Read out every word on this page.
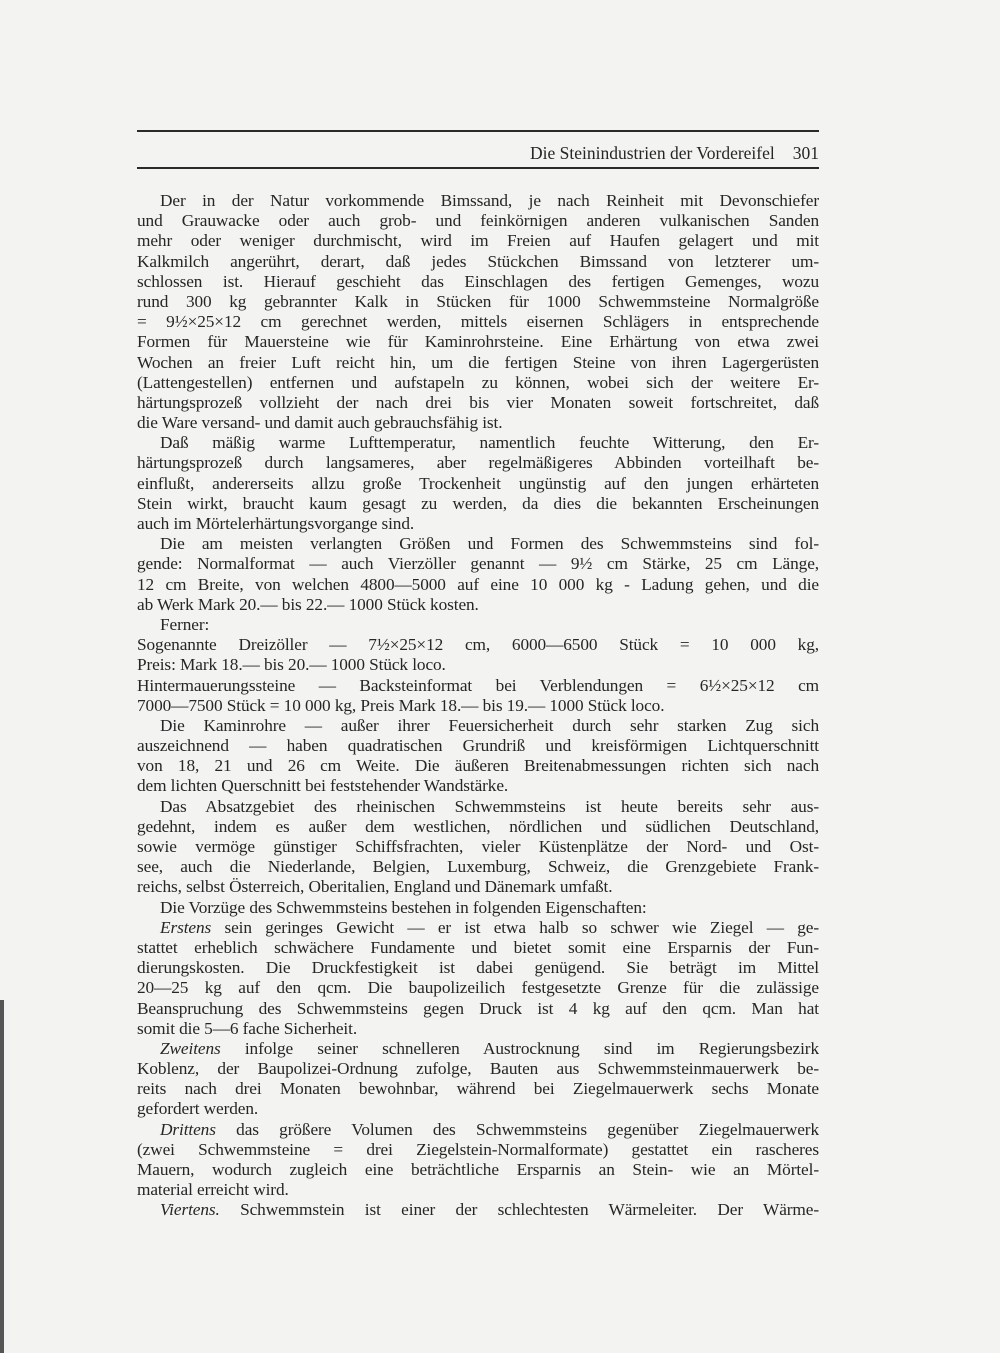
Die Steinindustrien der Vordereifel 301
Der in der Natur vorkommende Bimssand, je nach Reinheit mit Devonschiefer
und Grauwacke oder auch grob- und feinkörnigen anderen vulkanischen Sanden
mehr oder weniger durchmischt, wird im Freien auf Haufen gelagert und mit
Kalkmilch angerührt, derart, daß jedes Stückchen Bimssand von letzterer um-
schlossen ist. Hierauf geschieht das Einschlagen des fertigen Gemenges, wozu
rund 300 kg gebrannter Kalk in Stücken für 1000 Schwemmsteine Normalgröße
= 9½×25×12 cm gerechnet werden, mittels eisernen Schlägers in entsprechende
Formen für Mauersteine wie für Kaminrohrsteine. Eine Erhärtung von etwa zwei
Wochen an freier Luft reicht hin, um die fertigen Steine von ihren Lagergerüsten
(Lattengestellen) entfernen und aufstapeln zu können, wobei sich der weitere Er-
härtungsprozeß vollzieht der nach drei bis vier Monaten soweit fortschreitet, daß
die Ware versand- und damit auch gebrauchsfähig ist.
Daß mäßig warme Lufttemperatur, namentlich feuchte Witterung, den Er-
härtungsprozeß durch langsameres, aber regelmäßigeres Abbinden vorteilhaft be-
einflußt, andererseits allzu große Trockenheit ungünstig auf den jungen erhärteten
Stein wirkt, braucht kaum gesagt zu werden, da dies die bekannten Erscheinungen
auch im Mörtelerhärtungsvorgange sind.
Die am meisten verlangten Größen und Formen des Schwemmsteins sind fol-
gende: Normalformat — auch Vierzöller genannt — 9½ cm Stärke, 25 cm Länge,
12 cm Breite, von welchen 4800—5000 auf eine 10 000 kg - Ladung gehen, und die
ab Werk Mark 20.— bis 22.— 1000 Stück kosten.
Ferner:
Sogenannte Dreizöller — 7½×25×12 cm, 6000—6500 Stück = 10 000 kg,
Preis: Mark 18.— bis 20.— 1000 Stück loco.
Hintermauerungssteine — Backsteinformat bei Verblendungen = 6½×25×12 cm
7000—7500 Stück = 10 000 kg, Preis Mark 18.— bis 19.— 1000 Stück loco.
Die Kaminrohre — außer ihrer Feuersicherheit durch sehr starken Zug sich
auszeichnend — haben quadratischen Grundriß und kreisförmigen Lichtquerschnitt
von 18, 21 und 26 cm Weite. Die äußeren Breitenabmessungen richten sich nach
dem lichten Querschnitt bei feststehender Wandstärke.
Das Absatzgebiet des rheinischen Schwemmsteins ist heute bereits sehr aus-
gedehnt, indem es außer dem westlichen, nördlichen und südlichen Deutschland,
sowie vermöge günstiger Schiffsfrachten, vieler Küstenplätze der Nord- und Ost-
see, auch die Niederlande, Belgien, Luxemburg, Schweiz, die Grenzgebiete Frank-
reichs, selbst Österreich, Oberitalien, England und Dänemark umfaßt.
Die Vorzüge des Schwemmsteins bestehen in folgenden Eigenschaften:
Erstens sein geringes Gewicht — er ist etwa halb so schwer wie Ziegel — ge-
stattet erheblich schwächere Fundamente und bietet somit eine Ersparnis der Fun-
dierungskosten. Die Druckfestigkeit ist dabei genügend. Sie beträgt im Mittel
20—25 kg auf den qcm. Die baupolizeilich festgesetzte Grenze für die zulässige
Beanspruchung des Schwemmsteins gegen Druck ist 4 kg auf den qcm. Man hat
somit die 5—6 fache Sicherheit.
Zweitens infolge seiner schnelleren Austrocknung sind im Regierungsbezirk
Koblenz, der Baupolizei-Ordnung zufolge, Bauten aus Schwemmsteinmauerwerk be-
reits nach drei Monaten bewohnbar, während bei Ziegelmauerwerk sechs Monate
gefordert werden.
Drittens das größere Volumen des Schwemmsteins gegenüber Ziegelmauerwerk
(zwei Schwemmsteine = drei Ziegelstein-Normalformate) gestattet ein rascheres
Mauern, wodurch zugleich eine beträchtliche Ersparnis an Stein- wie an Mörtel-
material erreicht wird.
Viertens. Schwemmstein ist einer der schlechtesten Wärmeleiter. Der Wärme-
